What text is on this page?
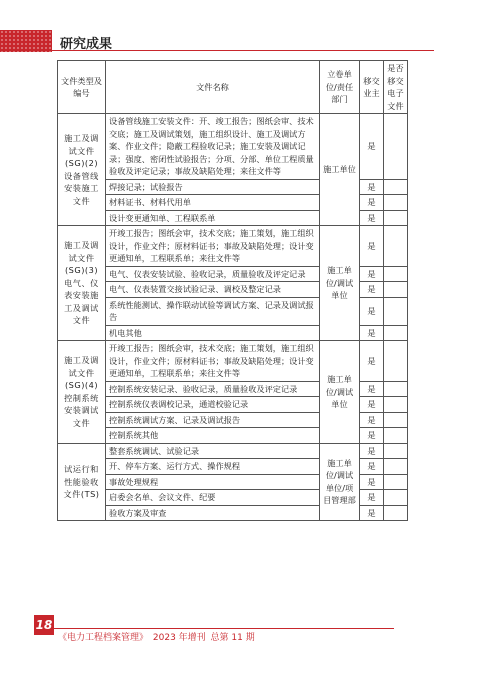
研究成果
文件类型及编号	文件名称	立卷单位/责任部门	移交业主	是否移交电子文件
施工及调试文件(SG)(2)设备管线安装施工文件	设备管线施工安装文件：开、竣工报告；图纸会审、技术交底；施工及调试策划，施工组织设计、施工及调试方案、作业文件；隐蔽工程验收记录；施工安装及调试记录；强度、密闭性试验报告；分项、分部、单位工程质量验收及评定记录；事故及缺陷处理；来往文件等	施工单位	是	
	焊接记录；试验报告		是	
	材料证书、材料代用单		是	
	设计变更通知单、工程联系单		是	
施工及调试文件(SG)(3)电气、仪表安装施工及调试文件	开竣工报告；图纸会审，技术交底；施工策划，施工组织设计，作业文件；原材料证书；事故及缺陷处理；设计变更通知单，工程联系单；来往文件等	施工单位/调试单位	是	
	电气、仪表安装试验、验收记录，质量验收及评定记录		是	
	电气、仪表装置交接试验记录、调校及整定记录		是	
	系统性能测试、操作联动试验等调试方案、记录及调试报告		是	
	机电其他		是	
施工及调试文件(SG)(4)控制系统安装调试文件	开竣工报告；图纸会审，技术交底；施工策划，施工组织设计，作业文件；原材料证书；事故及缺陷处理；设计变更通知单，工程联系单；来往文件等	施工单位/调试单位	是	
	控制系统安装记录、验收记录，质量验收及评定记录		是	
	控制系统仪表调校记录，通道校验记录		是	
	控制系统调试方案、记录及调试报告		是	
	控制系统其他		是	
试运行和性能验收文件(TS)	整套系统调试、试验记录	施工单位/调试单位/项目管理部	是	
	开、停车方案、运行方式、操作规程		是	
	事故处理规程		是	
	启委会名单、会议文件、纪要		是	
	验收方案及审查		是	
18
《电力工程档案管理》 2023 年增刊 总第 11 期
